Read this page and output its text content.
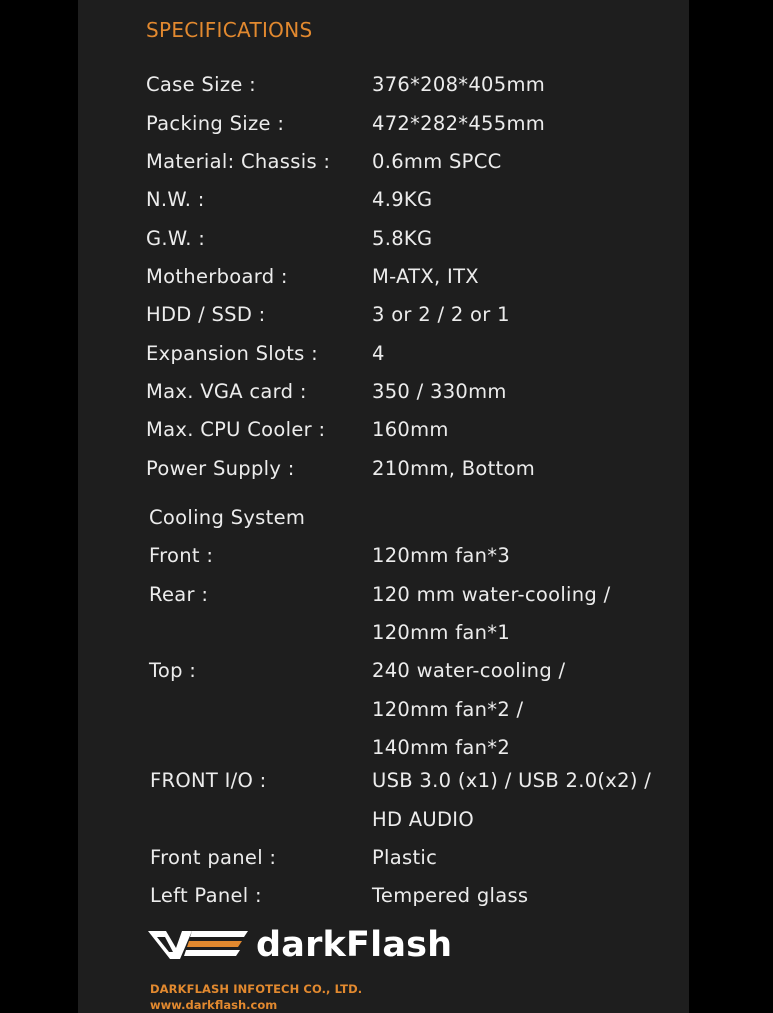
SPECIFICATIONS
Case Size :	376*208*405mm
Packing Size :	472*282*455mm
Material: Chassis : 0.6mm SPCC
N.W. :	4.9KG
G.W. :	5.8KG
Motherboard :	M-ATX, ITX
HDD / SSD :	3 or 2 / 2 or 1
Expansion Slots :	4
Max. VGA card :	350 / 330mm
Max. CPU Cooler : 160mm
Power Supply :	210mm, Bottom
Cooling System
Front :	120mm fan*3
Rear :	120 mm water-cooling /
120mm fan*1
Top :	240 water-cooling /
120mm fan*2 /
140mm fan*2
FRONT I/O :	USB 3.0 (x1) / USB 2.0(x2) /
HD AUDIO
Front panel :	Plastic
Left Panel :	Tempered glass
darkFlash
DARKFLASH INFOTECH CO., LTD.
www.darkflash.com
